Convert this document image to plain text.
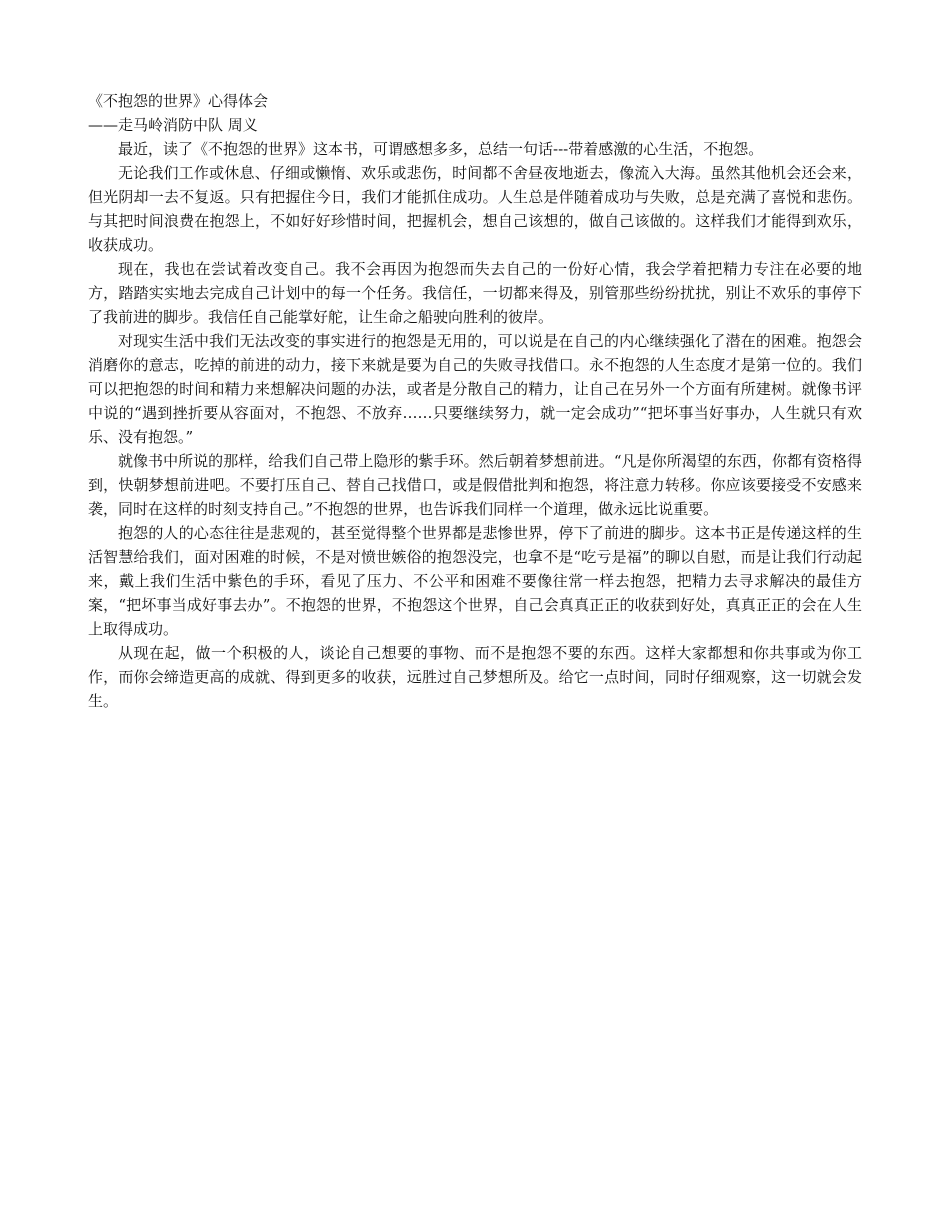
《不抱怨的世界》心得体会

——走马岭消防中队 周义

最近，读了《不抱怨的世界》这本书，可谓感想多多，总结一句话---带着感激的心生活，不抱怨。

无论我们工作或休息、仔细或懒惰、欢乐或悲伤，时间都不舍昼夜地逝去，像流入大海。虽然其他机会还会来，但光阴却一去不复返。只有把握住今日，我们才能抓住成功。人生总是伴随着成功与失败，总是充满了喜悦和悲伤。与其把时间浪费在抱怨上，不如好好珍惜时间，把握机会，想自己该想的，做自己该做的。这样我们才能得到欢乐，收获成功。

现在，我也在尝试着改变自己。我不会再因为抱怨而失去自己的一份好心情，我会学着把精力专注在必要的地方，踏踏实实地去完成自己计划中的每一个任务。我信任，一切都来得及，别管那些纷纷扰扰，别让不欢乐的事停下了我前进的脚步。我信任自己能掌好舵，让生命之船驶向胜利的彼岸。

对现实生活中我们无法改变的事实进行的抱怨是无用的，可以说是在自己的内心继续强化了潜在的困难。抱怨会消磨你的意志，吃掉的前进的动力，接下来就是要为自己的失败寻找借口。永不抱怨的人生态度才是第一位的。我们可以把抱怨的时间和精力来想解决问题的办法，或者是分散自己的精力，让自己在另外一个方面有所建树。就像书评中说的“遇到挫折要从容面对，不抱怨、不放弃……只要继续努力，就一定会成功”“把坏事当好事办，人生就只有欢乐、没有抱怨。”

就像书中所说的那样，给我们自己带上隐形的紫手环。然后朝着梦想前进。“凡是你所渴望的东西，你都有资格得到，快朝梦想前进吧。不要打压自己、替自己找借口，或是假借批判和抱怨，将注意力转移。你应该要接受不安感来袭，同时在这样的时刻支持自己。”不抱怨的世界，也告诉我们同样一个道理，做永远比说重要。

抱怨的人的心态往往是悲观的，甚至觉得整个世界都是悲惨世界，停下了前进的脚步。这本书正是传递这样的生活智慧给我们，面对困难的时候，不是对愤世嫉俗的抱怨没完，也拿不是“吃亏是福”的聊以自慰，而是让我们行动起来，戴上我们生活中紫色的手环，看见了压力、不公平和困难不要像往常一样去抱怨，把精力去寻求解决的最佳方案，“把坏事当成好事去办”。不抱怨的世界，不抱怨这个世界，自己会真真正正的收获到好处，真真正正的会在人生上取得成功。

从现在起，做一个积极的人，谈论自己想要的事物、而不是抱怨不要的东西。这样大家都想和你共事或为你工作，而你会缔造更高的成就、得到更多的收获，远胜过自己梦想所及。给它一点时间，同时仔细观察，这一切就会发生。
